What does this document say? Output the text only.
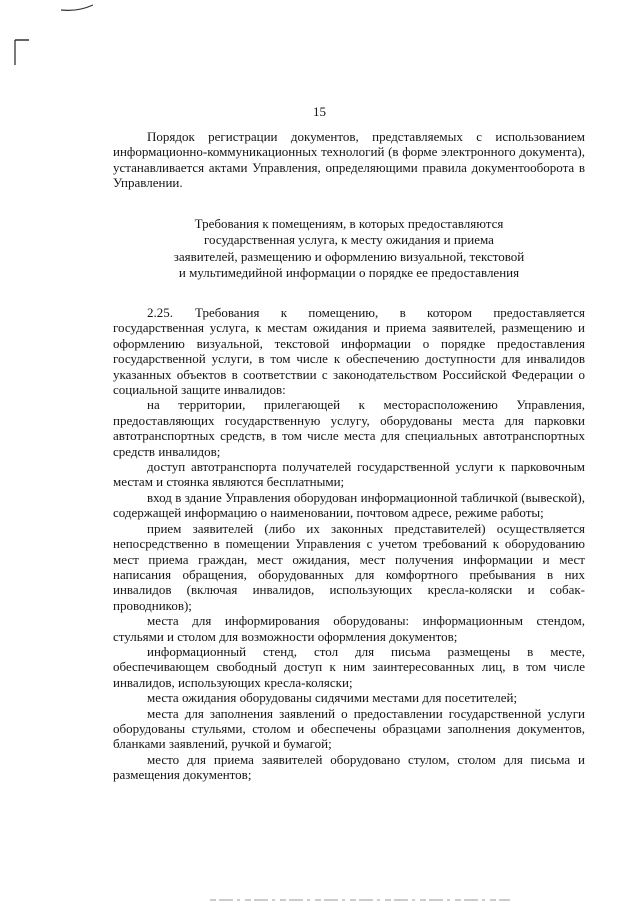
15

Порядок регистрации документов, представляемых с использованием информационно-коммуникационных технологий (в форме электронного документа), устанавливается актами Управления, определяющими правила документооборота в Управлении.

Требования к помещениям, в которых предоставляются
государственная услуга, к месту ожидания и приема
заявителей, размещению и оформлению визуальной, текстовой
и мультимедийной информации о порядке ее предоставления

2.25. Требования к помещению, в котором предоставляется государственная услуга, к местам ожидания и приема заявителей, размещению и оформлению визуальной, текстовой информации о порядке предоставления государственной услуги, в том числе к обеспечению доступности для инвалидов указанных объектов в соответствии с законодательством Российской Федерации о социальной защите инвалидов:

на территории, прилегающей к месторасположению Управления, предоставляющих государственную услугу, оборудованы места для парковки автотранспортных средств, в том числе места для специальных автотранспортных средств инвалидов;

доступ автотранспорта получателей государственной услуги к парковочным местам и стоянка являются бесплатными;

вход в здание Управления оборудован информационной табличкой (вывеской), содержащей информацию о наименовании, почтовом адресе, режиме работы;

прием заявителей (либо их законных представителей) осуществляется непосредственно в помещении Управления с учетом требований к оборудованию мест приема граждан, мест ожидания, мест получения информации и мест написания обращения, оборудованных для комфортного пребывания в них инвалидов (включая инвалидов, использующих кресла-коляски и собак-проводников);

места для информирования оборудованы: информационным стендом, стульями и столом для возможности оформления документов;

информационный стенд, стол для письма размещены в месте, обеспечивающем свободный доступ к ним заинтересованных лиц, в том числе инвалидов, использующих кресла-коляски;

места ожидания оборудованы сидячими местами для посетителей;

места для заполнения заявлений о предоставлении государственной услуги оборудованы стульями, столом и обеспечены образцами заполнения документов, бланками заявлений, ручкой и бумагой;

место для приема заявителей оборудовано стулом, столом для письма и размещения документов;
